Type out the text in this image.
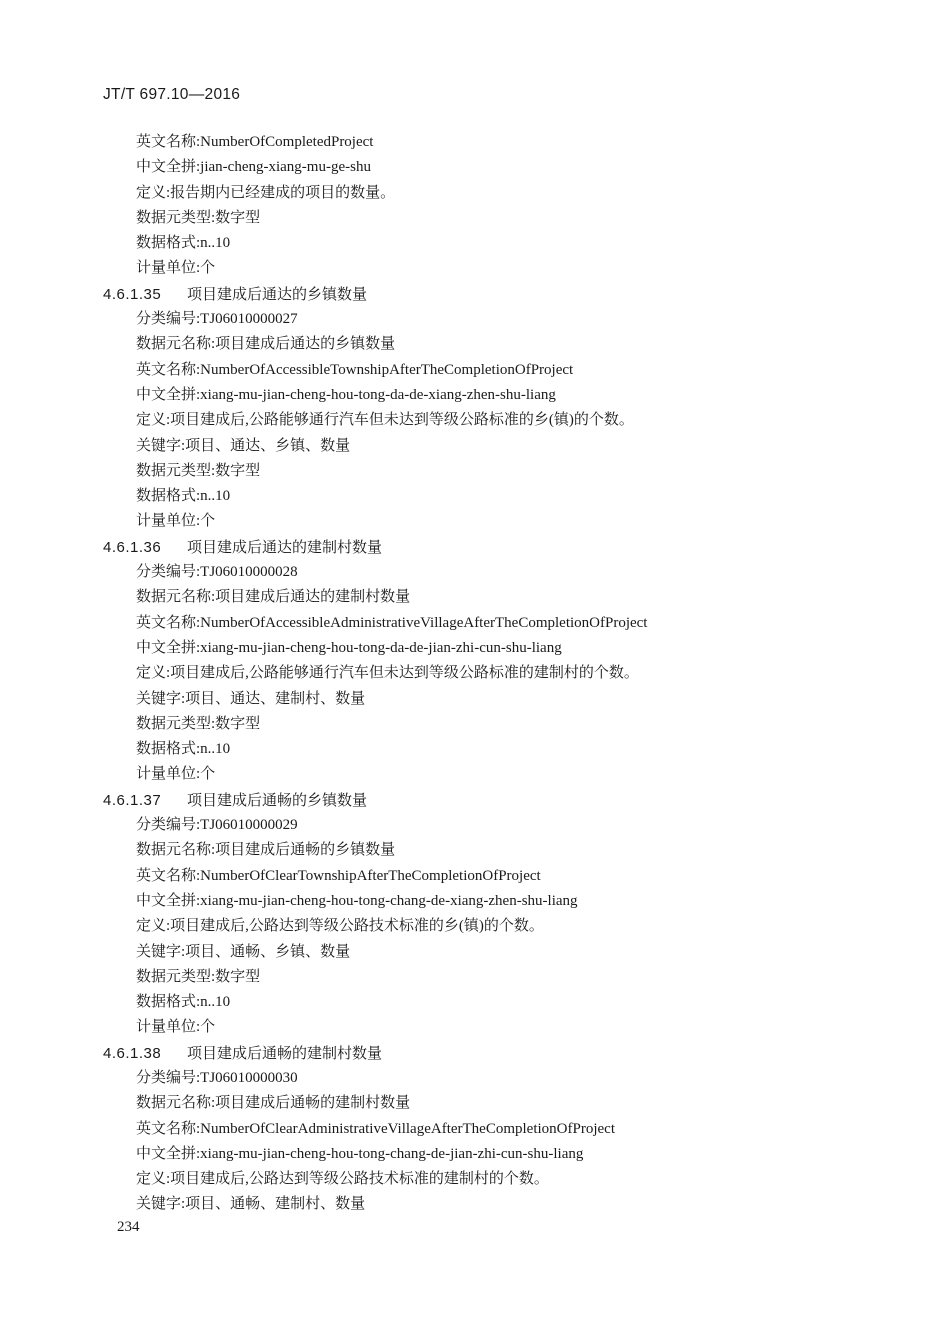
JT/T 697.10—2016
英文名称:NumberOfCompletedProject
中文全拼:jian-cheng-xiang-mu-ge-shu
定义:报告期内已经建成的项目的数量。
数据元类型:数字型
数据格式:n..10
计量单位:个
4.6.1.35 项目建成后通达的乡镇数量
分类编号:TJ06010000027
数据元名称:项目建成后通达的乡镇数量
英文名称:NumberOfAccessibleTownshipAfterTheCompletionOfProject
中文全拼:xiang-mu-jian-cheng-hou-tong-da-de-xiang-zhen-shu-liang
定义:项目建成后,公路能够通行汽车但未达到等级公路标准的乡(镇)的个数。
关键字:项目、通达、乡镇、数量
数据元类型:数字型
数据格式:n..10
计量单位:个
4.6.1.36 项目建成后通达的建制村数量
分类编号:TJ06010000028
数据元名称:项目建成后通达的建制村数量
英文名称:NumberOfAccessibleAdministrativeVillageAfterTheCompletionOfProject
中文全拼:xiang-mu-jian-cheng-hou-tong-da-de-jian-zhi-cun-shu-liang
定义:项目建成后,公路能够通行汽车但未达到等级公路标准的建制村的个数。
关键字:项目、通达、建制村、数量
数据元类型:数字型
数据格式:n..10
计量单位:个
4.6.1.37 项目建成后通畅的乡镇数量
分类编号:TJ06010000029
数据元名称:项目建成后通畅的乡镇数量
英文名称:NumberOfClearTownshipAfterTheCompletionOfProject
中文全拼:xiang-mu-jian-cheng-hou-tong-chang-de-xiang-zhen-shu-liang
定义:项目建成后,公路达到等级公路技术标准的乡(镇)的个数。
关键字:项目、通畅、乡镇、数量
数据元类型:数字型
数据格式:n..10
计量单位:个
4.6.1.38 项目建成后通畅的建制村数量
分类编号:TJ06010000030
数据元名称:项目建成后通畅的建制村数量
英文名称:NumberOfClearAdministrativeVillageAfterTheCompletionOfProject
中文全拼:xiang-mu-jian-cheng-hou-tong-chang-de-jian-zhi-cun-shu-liang
定义:项目建成后,公路达到等级公路技术标准的建制村的个数。
关键字:项目、通畅、建制村、数量
234
